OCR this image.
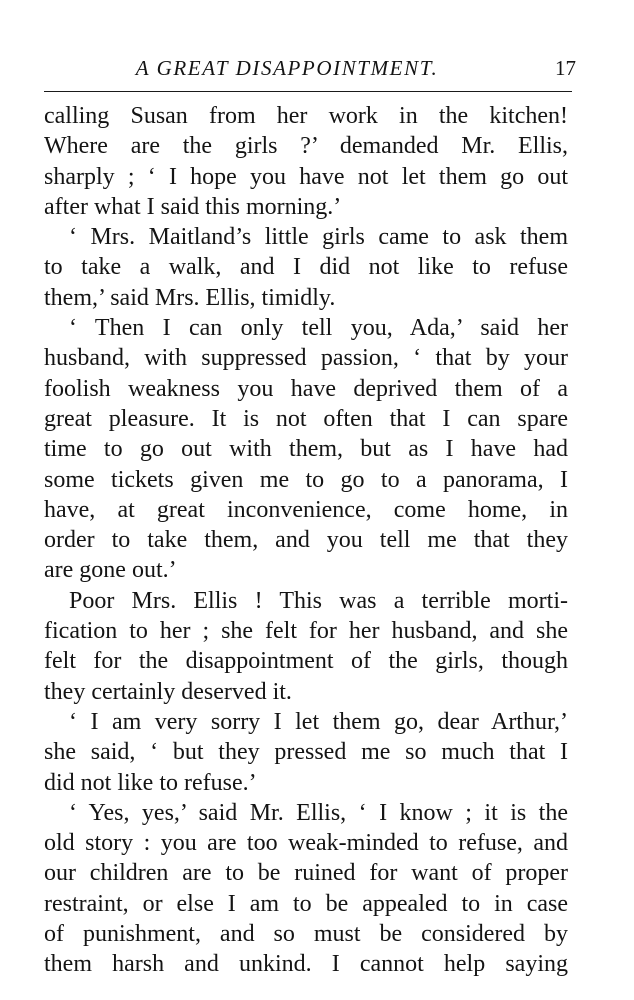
A GREAT DISAPPOINTMENT.	17
calling Susan from her work in the kitchen!
Where are the girls ?’ demanded Mr. Ellis,
sharply ; ‘ I hope you have not let them go out
after what I said this morning.’
‘ Mrs. Maitland’s little girls came to ask them
to take a walk, and I did not like to refuse
them,’ said Mrs. Ellis, timidly.
‘ Then I can only tell you, Ada,’ said her
husband, with suppressed passion, ‘ that by your
foolish weakness you have deprived them of a
great pleasure. It is not often that I can spare
time to go out with them, but as I have had
some tickets given me to go to a panorama, I
have, at great inconvenience, come home, in
order to take them, and you tell me that they
are gone out.’
Poor Mrs. Ellis ! This was a terrible morti-
fication to her ; she felt for her husband, and she
felt for the disappointment of the girls, though
they certainly deserved it.
‘ I am very sorry I let them go, dear Arthur,’
she said, ‘ but they pressed me so much that I
did not like to refuse.’
‘ Yes, yes,’ said Mr. Ellis, ‘ I know ; it is the
old story : you are too weak-minded to refuse, and
our children are to be ruined for want of proper
restraint, or else I am to be appealed to in case
of punishment, and so must be considered by
them harsh and unkind. I cannot help saying
